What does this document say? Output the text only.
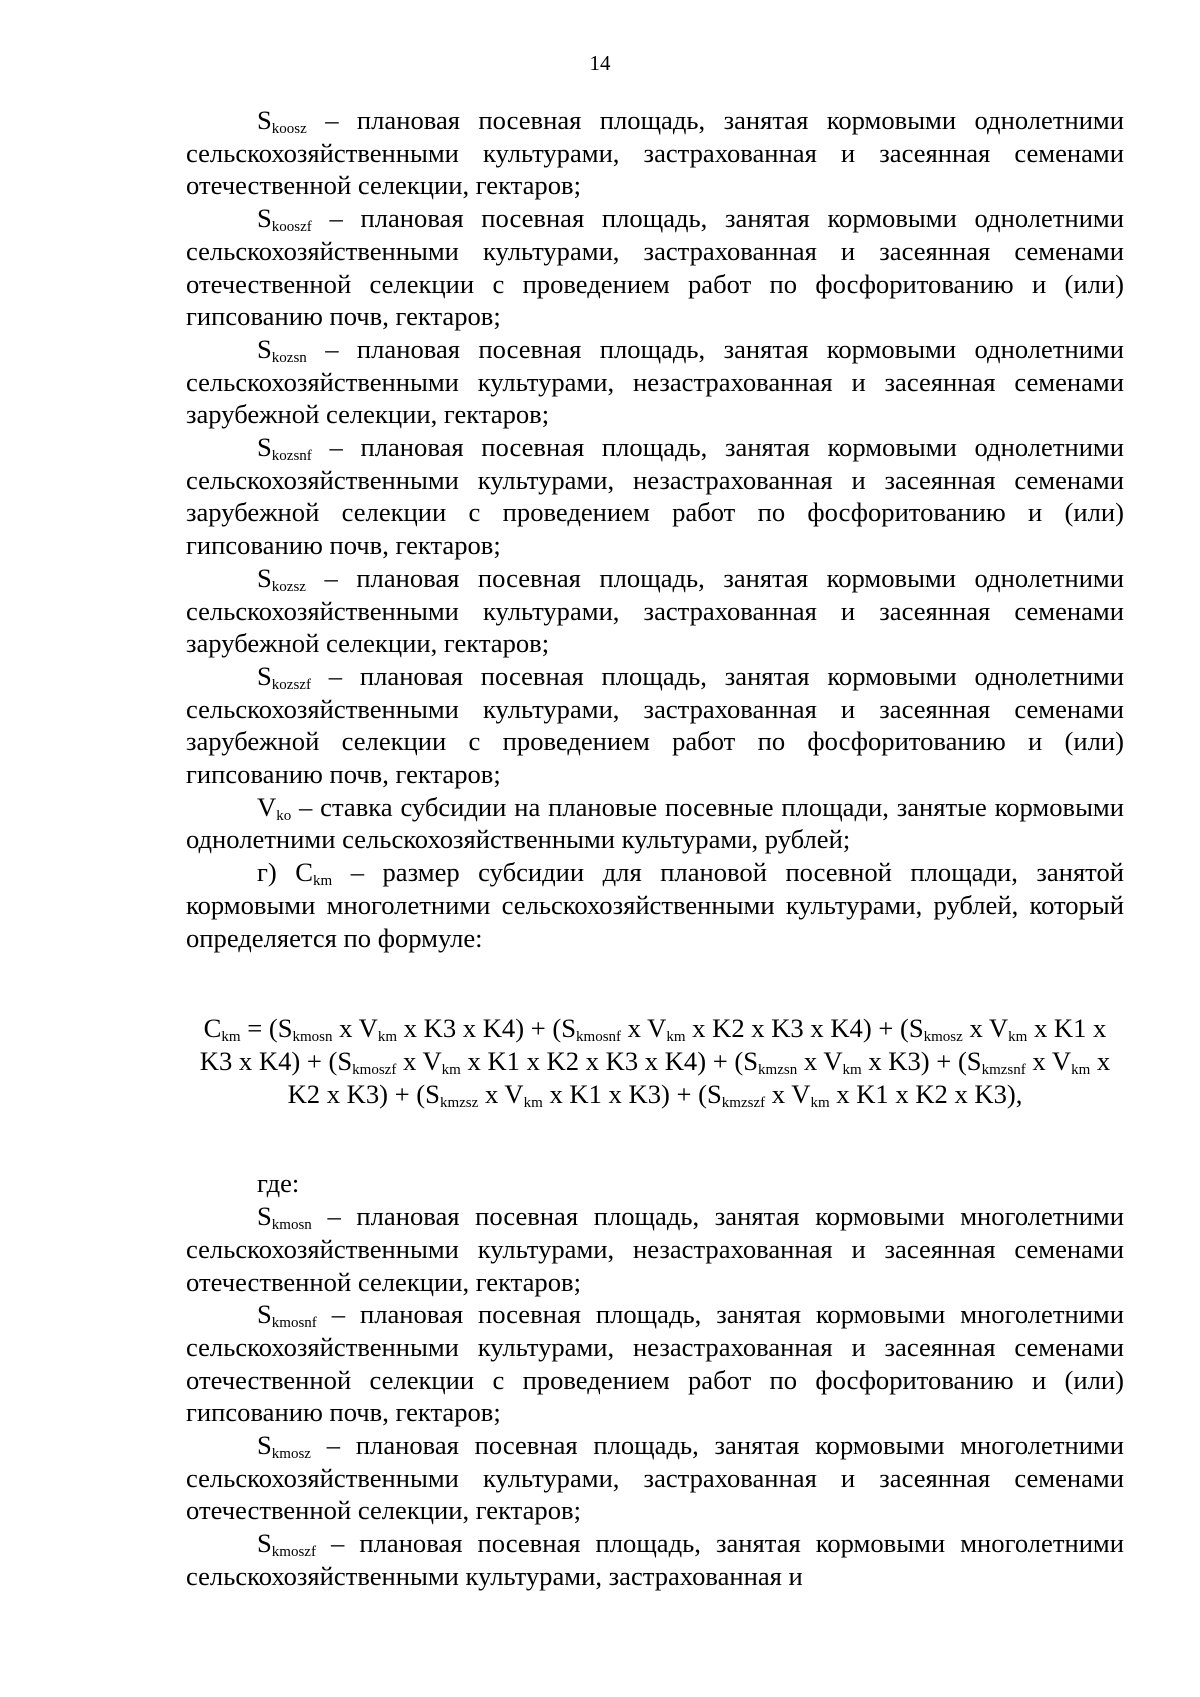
14

$S_{koosz}$ – плановая посевная площадь, занятая кормовыми однолетними сельскохозяйственными культурами, застрахованная и засеянная семенами отечественной селекции, гектаров;

$S_{kooszf}$ – плановая посевная площадь, занятая кормовыми однолетними сельскохозяйственными культурами, застрахованная и засеянная семенами отечественной селекции с проведением работ по фосфоритованию и (или) гипсованию почв, гектаров;

$S_{kozsn}$ – плановая посевная площадь, занятая кормовыми однолетними сельскохозяйственными культурами, незастрахованная и засеянная семенами зарубежной селекции, гектаров;

$S_{kozsnf}$ – плановая посевная площадь, занятая кормовыми однолетними сельскохозяйственными культурами, незастрахованная и засеянная семенами зарубежной селекции с проведением работ по фосфоритованию и (или) гипсованию почв, гектаров;

$S_{kozsz}$ – плановая посевная площадь, занятая кормовыми однолетними сельскохозяйственными культурами, застрахованная и засеянная семенами зарубежной селекции, гектаров;

$S_{kozszf}$ – плановая посевная площадь, занятая кормовыми однолетними сельскохозяйственными культурами, застрахованная и засеянная семенами зарубежной селекции с проведением работ по фосфоритованию и (или) гипсованию почв, гектаров;

$V_{ko}$ – ставка субсидии на плановые посевные площади, занятые кормовыми однолетними сельскохозяйственными культурами, рублей;

г) $C_{km}$ – размер субсидии для плановой посевной площади, занятой кормовыми многолетними сельскохозяйственными культурами, рублей, который определяется по формуле:

$C_{km} = (S_{kmosn}$ x $V_{km}$ x K3 x $K4) + (S_{kmosnf}$ x $V_{km}$ x K2 x K3 x $K4) + (S_{kmosz}$ x $V_{km}$ x K1 x K3 x $K4) + (S_{kmoszf}$ x $V_{km}$ x K1 x K2 x K3 x $K4) + (S_{kmzsn}$ x $V_{km}$ x $K3) + (S_{kmzsnf}$ x $V_{km}$ x K2 x $K3) + (S_{kmzsz}$ x $V_{km}$ x K1 x $K3) + (S_{kmzszf}$ x $V_{km}$ x K1 x K2 x K3),

где:

$S_{kmosn}$ – плановая посевная площадь, занятая кормовыми многолетними сельскохозяйственными культурами, незастрахованная и засеянная семенами отечественной селекции, гектаров;

$S_{kmosnf}$ – плановая посевная площадь, занятая кормовыми многолетними сельскохозяйственными культурами, незастрахованная и засеянная семенами отечественной селекции с проведением работ по фосфоритованию и (или) гипсованию почв, гектаров;

$S_{kmosz}$ – плановая посевная площадь, занятая кормовыми многолетними сельскохозяйственными культурами, застрахованная и засеянная семенами отечественной селекции, гектаров;

$S_{kmoszf}$ – плановая посевная площадь, занятая кормовыми многолетними сельскохозяйственными культурами, застрахованная и
